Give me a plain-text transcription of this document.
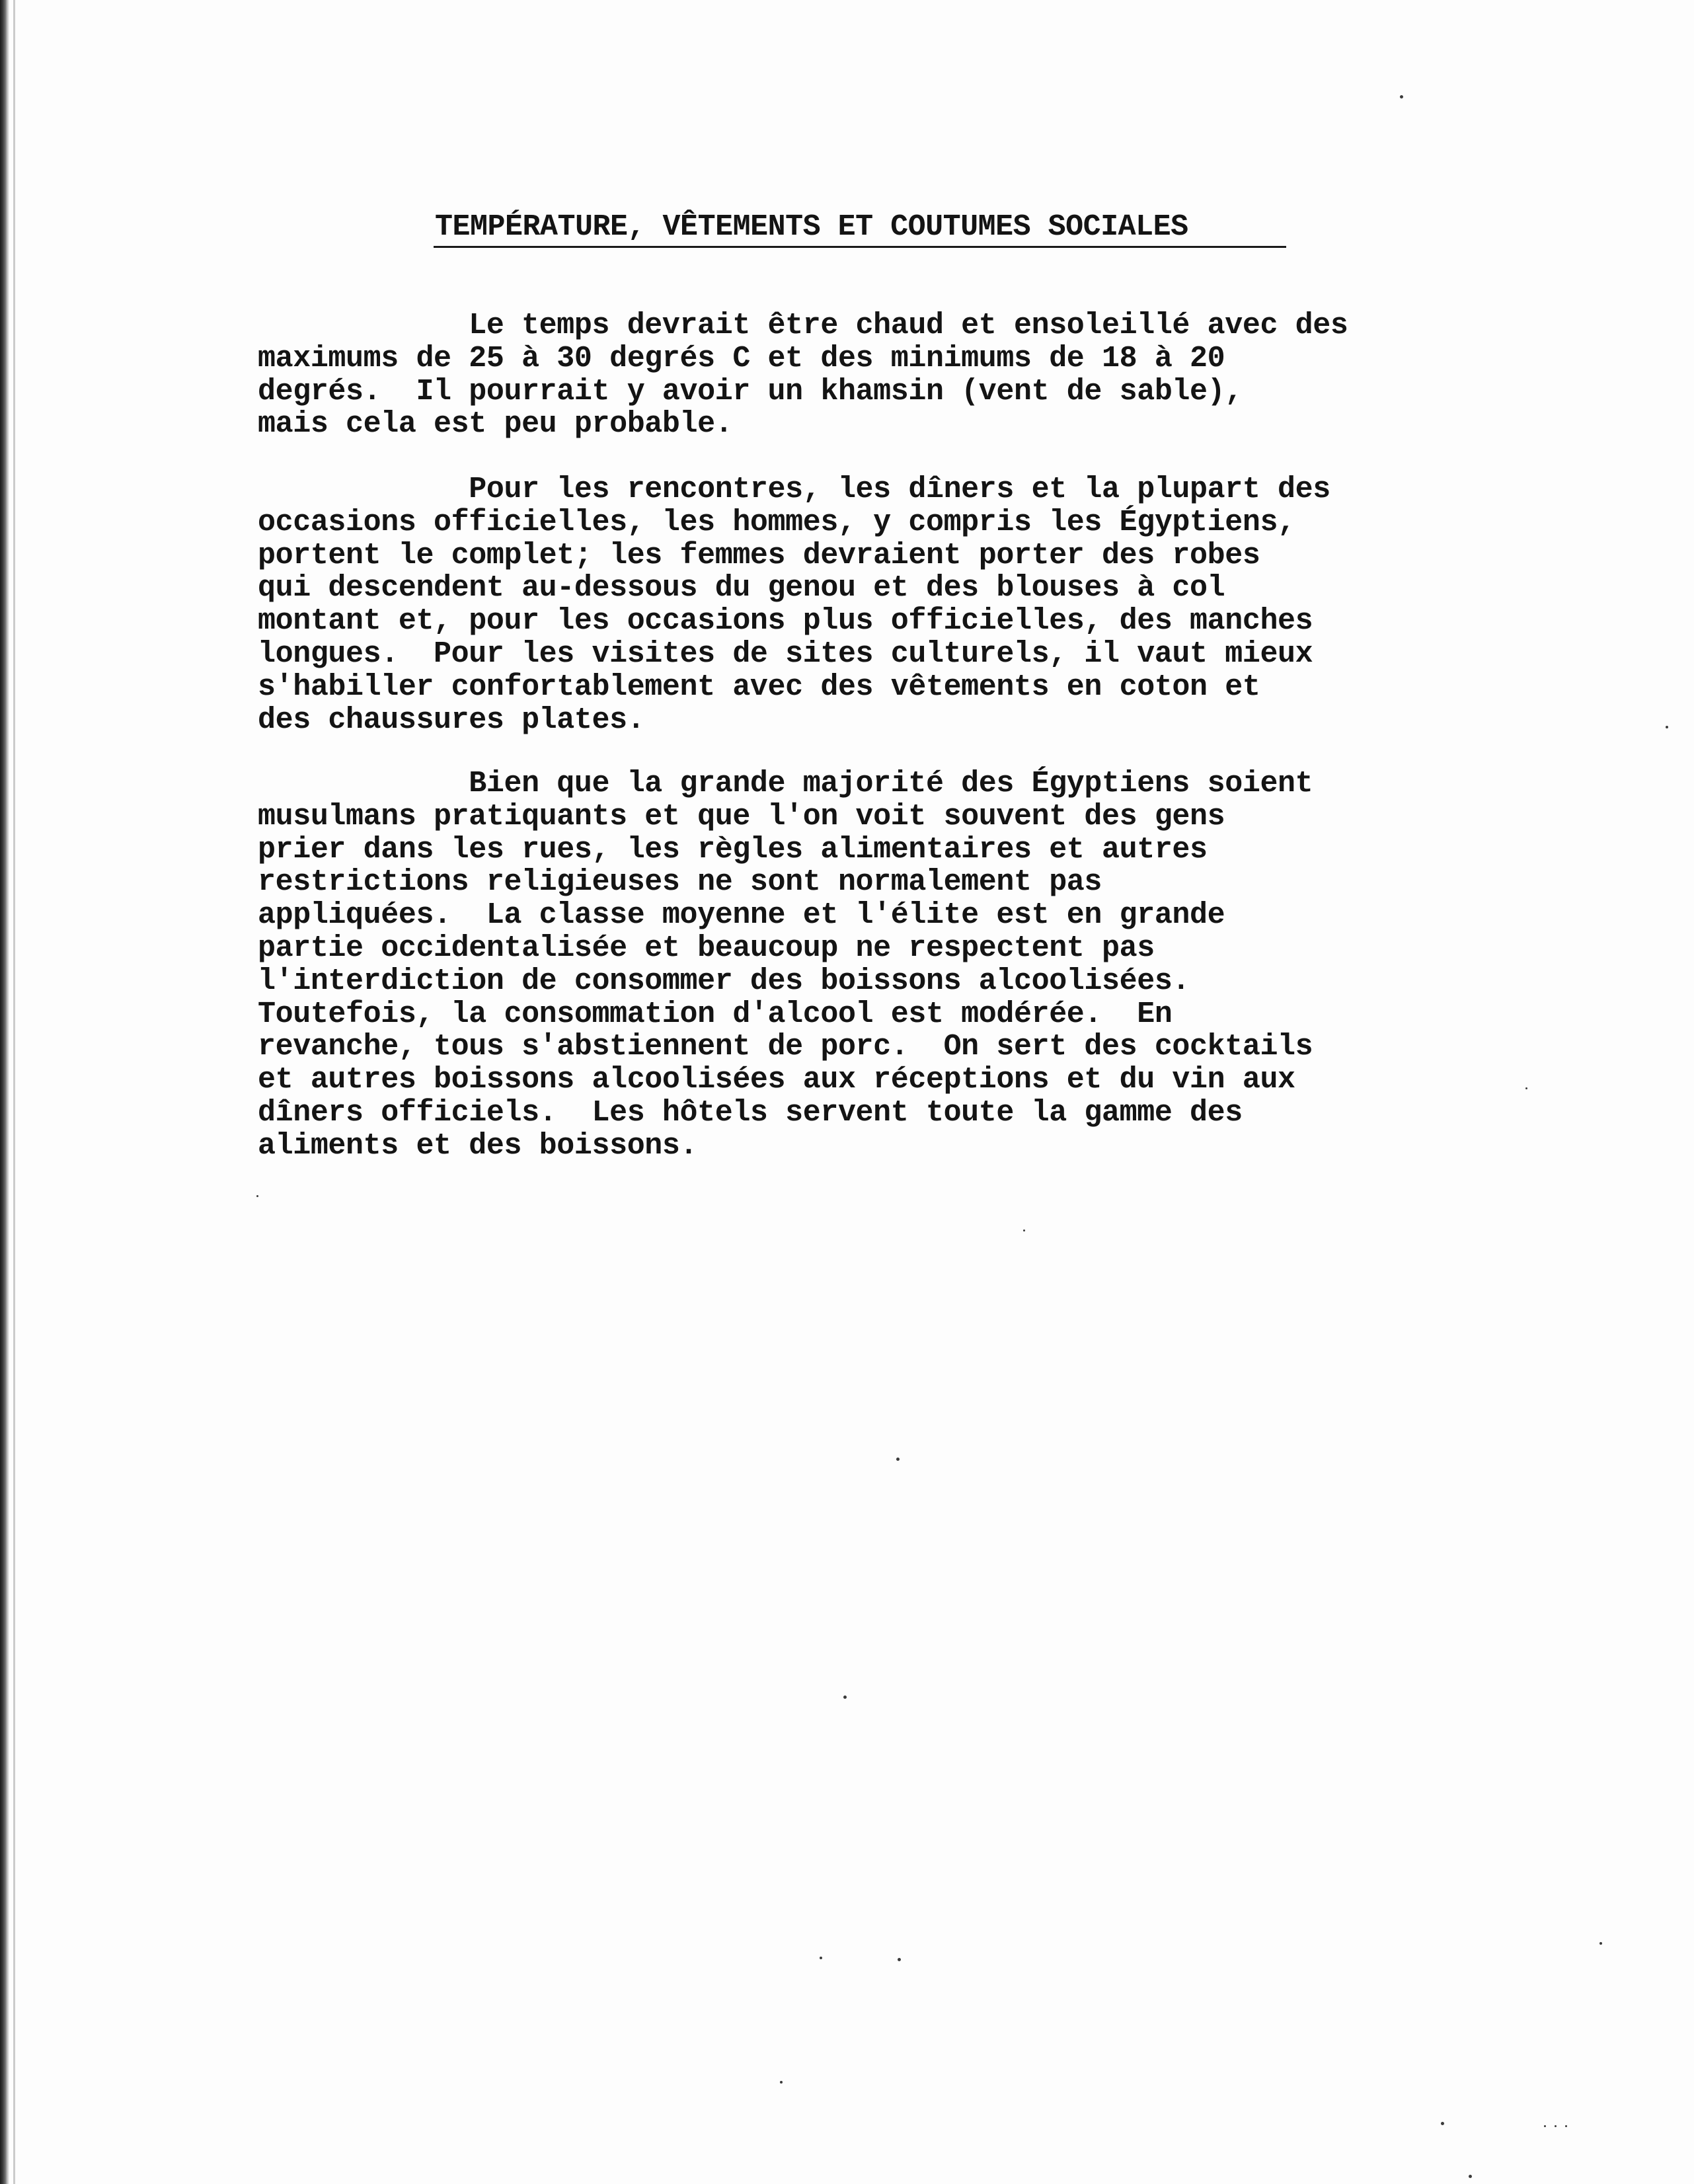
TEMPÉRATURE, VÊTEMENTS ET COUTUMES SOCIALES

Le temps devrait être chaud et ensoleillé avec des
maximums de 25 à 30 degrés C et des minimums de 18 à 20
degrés.  Il pourrait y avoir un khamsin (vent de sable),
mais cela est peu probable.

Pour les rencontres, les dîners et la plupart des
occasions officielles, les hommes, y compris les Égyptiens,
portent le complet; les femmes devraient porter des robes
qui descendent au-dessous du genou et des blouses à col
montant et, pour les occasions plus officielles, des manches
longues.  Pour les visites de sites culturels, il vaut mieux
s'habiller confortablement avec des vêtements en coton et
des chaussures plates.

Bien que la grande majorité des Égyptiens soient
musulmans pratiquants et que l'on voit souvent des gens
prier dans les rues, les règles alimentaires et autres
restrictions religieuses ne sont normalement pas
appliquées.  La classe moyenne et l'élite est en grande
partie occidentalisée et beaucoup ne respectent pas
l'interdiction de consommer des boissons alcoolisées.
Toutefois, la consommation d'alcool est modérée.  En
revanche, tous s'abstiennent de porc.  On sert des cocktails
et autres boissons alcoolisées aux réceptions et du vin aux
dîners officiels.  Les hôtels servent toute la gamme des
aliments et des boissons.
